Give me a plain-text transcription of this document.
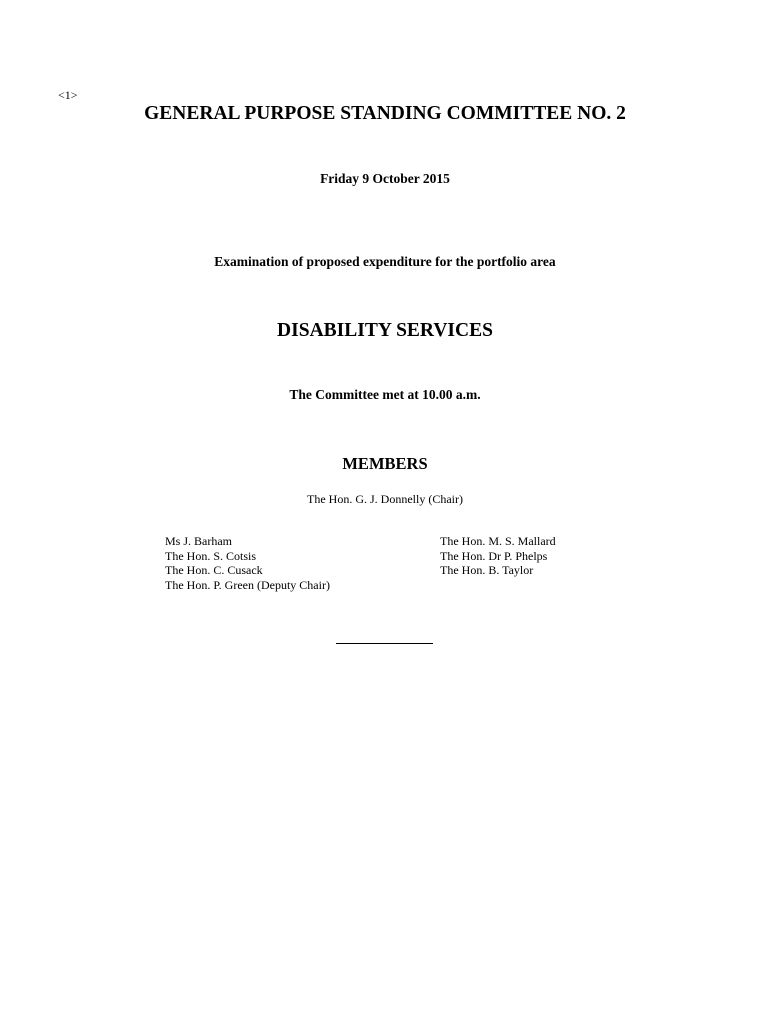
<1>
GENERAL PURPOSE STANDING COMMITTEE NO. 2
Friday 9 October 2015
Examination of proposed expenditure for the portfolio area
DISABILITY SERVICES
The Committee met at 10.00 a.m.
MEMBERS
The Hon. G. J. Donnelly (Chair)
Ms J. Barham
The Hon. S. Cotsis
The Hon. C. Cusack
The Hon. P. Green (Deputy Chair)
The Hon. M. S. Mallard
The Hon. Dr P. Phelps
The Hon. B. Taylor
